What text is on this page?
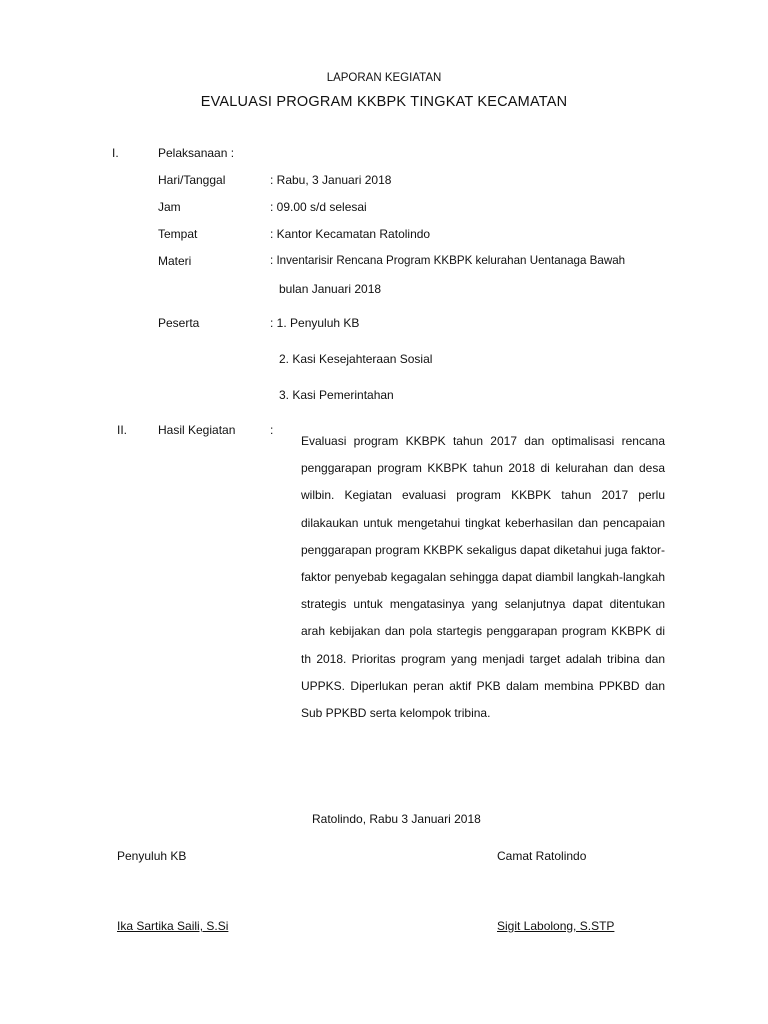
LAPORAN KEGIATAN
EVALUASI PROGRAM KKBPK TINGKAT KECAMATAN
I.	Pelaksanaan :
Hari/Tanggal	: Rabu, 3 Januari 2018
Jam	: 09.00 s/d selesai
Tempat	: Kantor Kecamatan Ratolindo
Materi	: Inventarisir Rencana Program KKBPK kelurahan Uentanaga Bawah
bulan Januari 2018
Peserta	: 1. Penyuluh KB
2. Kasi Kesejahteraan Sosial
3. Kasi Pemerintahan
II.	Hasil Kegiatan	:
Evaluasi program KKBPK tahun 2017 dan optimalisasi rencana penggarapan program KKBPK tahun 2018 di kelurahan dan desa wilbin. Kegiatan evaluasi program KKBPK tahun 2017 perlu dilakaukan untuk mengetahui tingkat keberhasilan dan pencapaian penggarapan program KKBPK sekaligus dapat diketahui juga faktor-faktor penyebab kegagalan sehingga dapat diambil langkah-langkah strategis untuk mengatasinya yang selanjutnya dapat ditentukan arah kebijakan dan pola startegis penggarapan program KKBPK di th 2018. Prioritas program yang menjadi target adalah tribina dan UPPKS. Diperlukan peran aktif PKB dalam membina PPKBD dan Sub PPKBD serta kelompok tribina.
Ratolindo, Rabu 3 Januari 2018
Penyuluh KB	Camat Ratolindo
Ika Sartika Saili, S.Si	Sigit Labolong, S.STP
